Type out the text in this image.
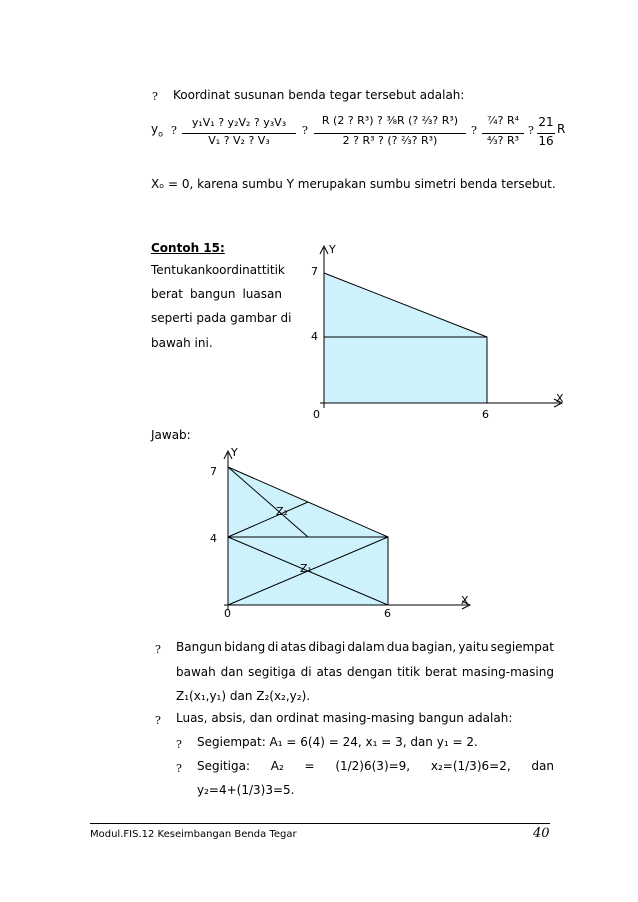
? Koordinat susunan benda tegar tersebut adalah:
$y_o$ ?
y₁V₁ ? y₂V₂ ? y₃V₃
V₁ ? V₂ ? V₃
?
R (2 ? R³) ? ³⁄₈R (? ²⁄₃? R³)
2 ? R³ ? (? ²⁄₃? R³)
?
⁷⁄₄? R⁴
⁴⁄₃? R³
?
21
16
R
Xₒ = 0, karena sumbu Y merupakan sumbu simetri benda tersebut.
Contoh 15:
Tentukan koordinat titik
berat bangun luasan
seperti pada gambar di
bawah ini.
Y
7
4
0	6
X
Jawab:
Y
7
4
Z₂
Z₁
0	6
X
? Bangun bidang di atas dibagi dalam dua bagian, yaitu segiempat
bawah dan segitiga di atas dengan titik berat masing-masing
Z₁(x₁,y₁) dan Z₂(x₂,y₂).
? Luas, absis, dan ordinat masing-masing bangun adalah:
? Segiempat: A₁ = 6(4) = 24, x₁ = 3, dan y₁ = 2.
? Segitiga: A₂ = (1/2)6(3)=9, x₂=(1/3)6=2, dan
y₂=4+(1/3)3=5.
Modul.FIS.12 Keseimbangan Benda Tegar	40
